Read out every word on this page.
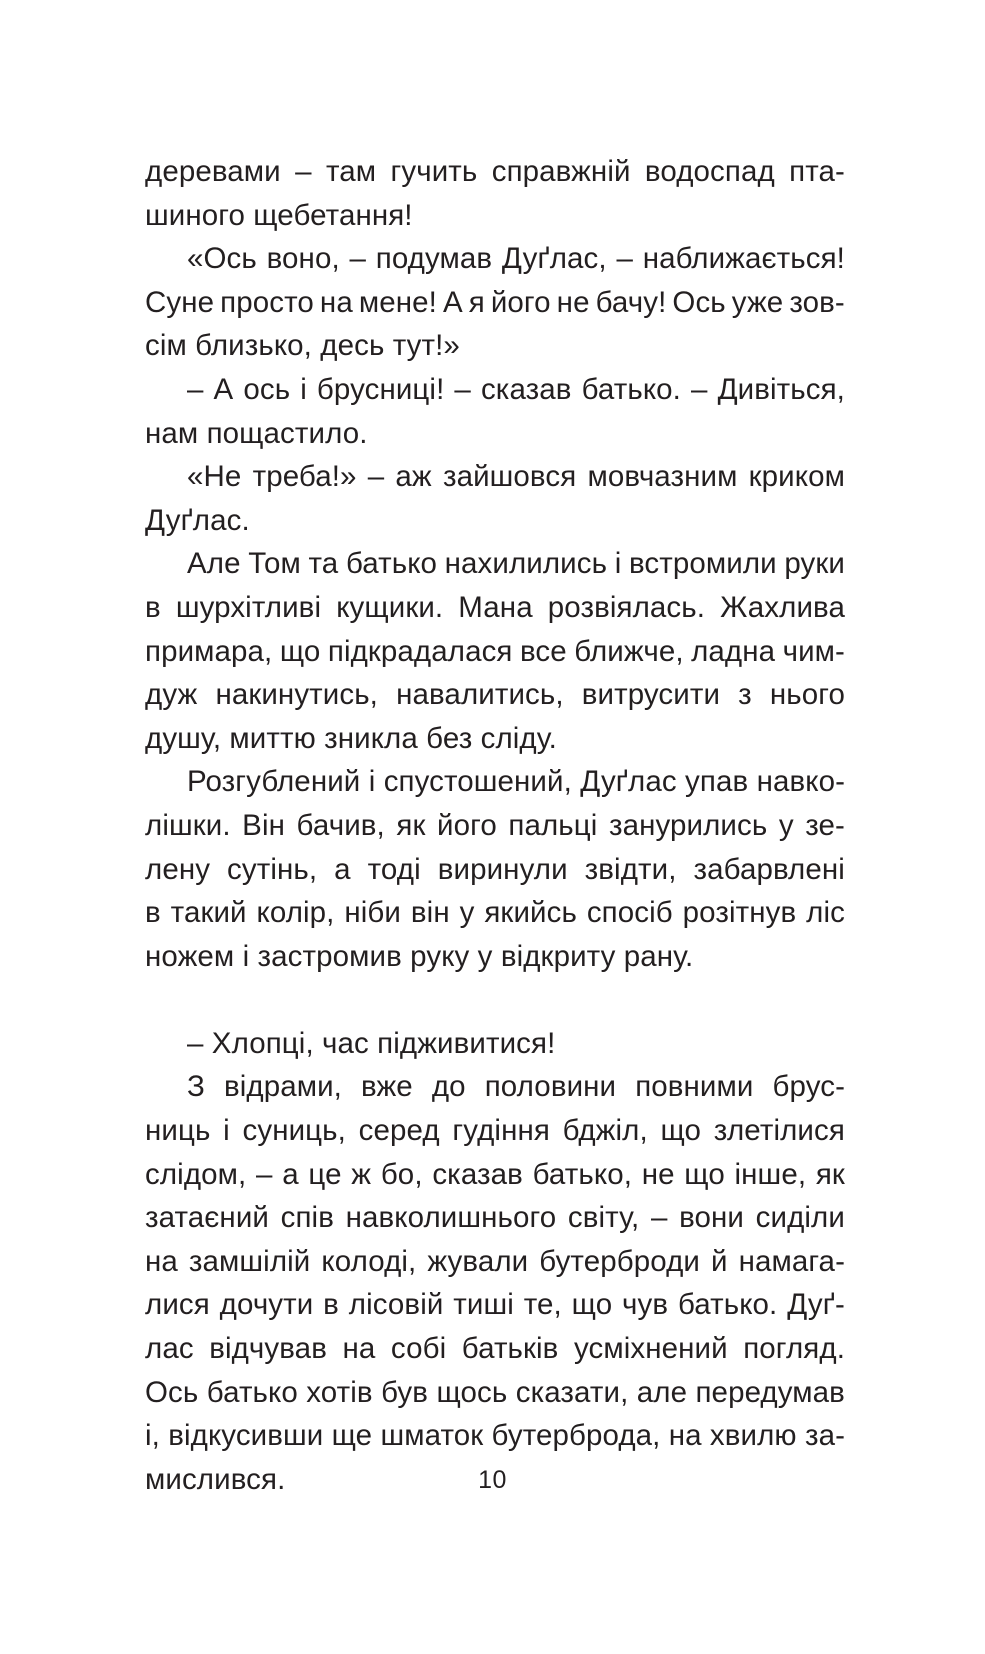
деревами – там гучить справжній водоспад пта-
шиного щебетання!

«Ось воно, – подумав Дуґлас, – наближається!
Суне просто на мене! А я його не бачу! Ось уже зов-
сім близько, десь тут!»

– А ось і брусниці! – сказав батько. – Дивіться,
нам пощастило.

«Не треба!» – аж зайшовся мовчазним криком
Дуґлас.

Але Том та батько нахилились і встромили руки
в шурхітливі кущики. Мана розвіялась. Жахлива
примара, що підкрадалася все ближче, ладна чим-
дуж накинутись, навалитись, витрусити з нього
душу, миттю зникла без сліду.

Розгублений і спустошений, Дуґлас упав навко-
лішки. Він бачив, як його пальці занурились у зе-
лену сутінь, а тоді виринули звідти, забарвлені
в такий колір, ніби він у якийсь спосіб розітнув ліс
ножем і застромив руку у відкриту рану.

– Хлопці, час підживитися!

З відрами, вже до половини повними брус-
ниць і суниць, серед гудіння бджіл, що злетілися
слідом, – а це ж бо, сказав батько, не що інше, як
затаєний спів навколишнього світу, – вони сиділи
на замшілій колоді, жували бутерброди й намага-
лися дочути в лісовій тиші те, що чув батько. Дуґ-
лас відчував на собі батьків усміхнений погляд.
Ось батько хотів був щось сказати, але передумав
і, відкусивши ще шматок бутерброда, на хвилю за-
мислився.	10
